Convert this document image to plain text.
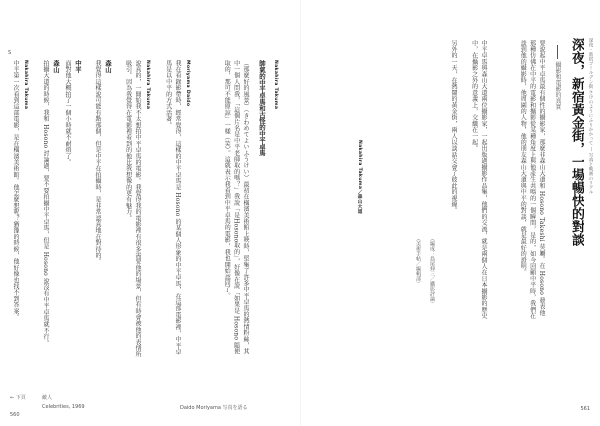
深夜・新宿ゴールデン街 さけのようにふりかかって — 写真と映画のリアル
深夜，新宿黃金街，一場暢快的對談
攝影和電影的真實
要說起中平卓馬最有個性的攝影家，那麼非森山大道和 Hosono Takeshi 莫屬。在 Hosono 發表他那種仿佛在中平的電影和攝影從某種角度上與他產生共鳴的一個瞬間，是的，如今回顧中平時，我們在談到他的攝影時，他周圍的人物，他的朋友森山大道與中平的對談，就是最好的證明。
中平卓馬與森山大道兩位攝影家，一起出版過攝影作品集，他們的交流，就是兩個人在日本攝影的歷史中，在攝影之外的意義上，交織在一起。
另外的一天，在熱鬧的黃金街，兩人以談話交會了彼此的視線。
（編成：島尾伸三／攝影評論）
（美術手帖／編輯部）
Nakahira Takuma／森山大道
561
帥氣的中平卓馬和古怪的中平卓馬 Nakahira Takuma
（那麼好的風景）（きわめてよいふうけい）最初在橫濱美術館上映時，堅集了許多中平卓馬的熱情粉絲，其中一個人問我，「這個片名是中平老師取的嗎？」我說「是Hosono取的」，好像在說「如果是 Hosono 隨便取的，那可不能原諒」一樣（笑）。這就表示我看到中平卓馬的電影，我也開始認同了。
Moriyama Daido
我在看錄影帶時，經常覺得，這樣的中平卓馬是 Hosono 的某個人形象的中平卓馬，在這部電影裡，中平卓馬是以中平的方式活著。
Nakahira Takuma
說真的，一開始我不太想拍中平卓馬的電影。我覺得我的電影裡有很多需要他的場景，但有時會被他的表情所吸引。因為我覺得在電影裡看到的他比我想像的更有魅力。
森山
我覺得這樣說可能有點那個，但是中平在拍攝時，是非常認真地在對待的。
中平
面對他大概拍了一個小時就不耐煩了。
森山
拍攝大道的時候，我和 Hosono 討論過，要不要拍攝中平卓馬，但是 Hosono 說沒有中平卓馬就不行。
Nakahira Takuma
中平第一次看到這部電影，是在橫濱美術館。他怎麼想呢？猶豫的時候，他好像也找不到答案。
S
← 下頁	敵人
Celebrities, 1969	Daido Moriyama 写真を語る
560
